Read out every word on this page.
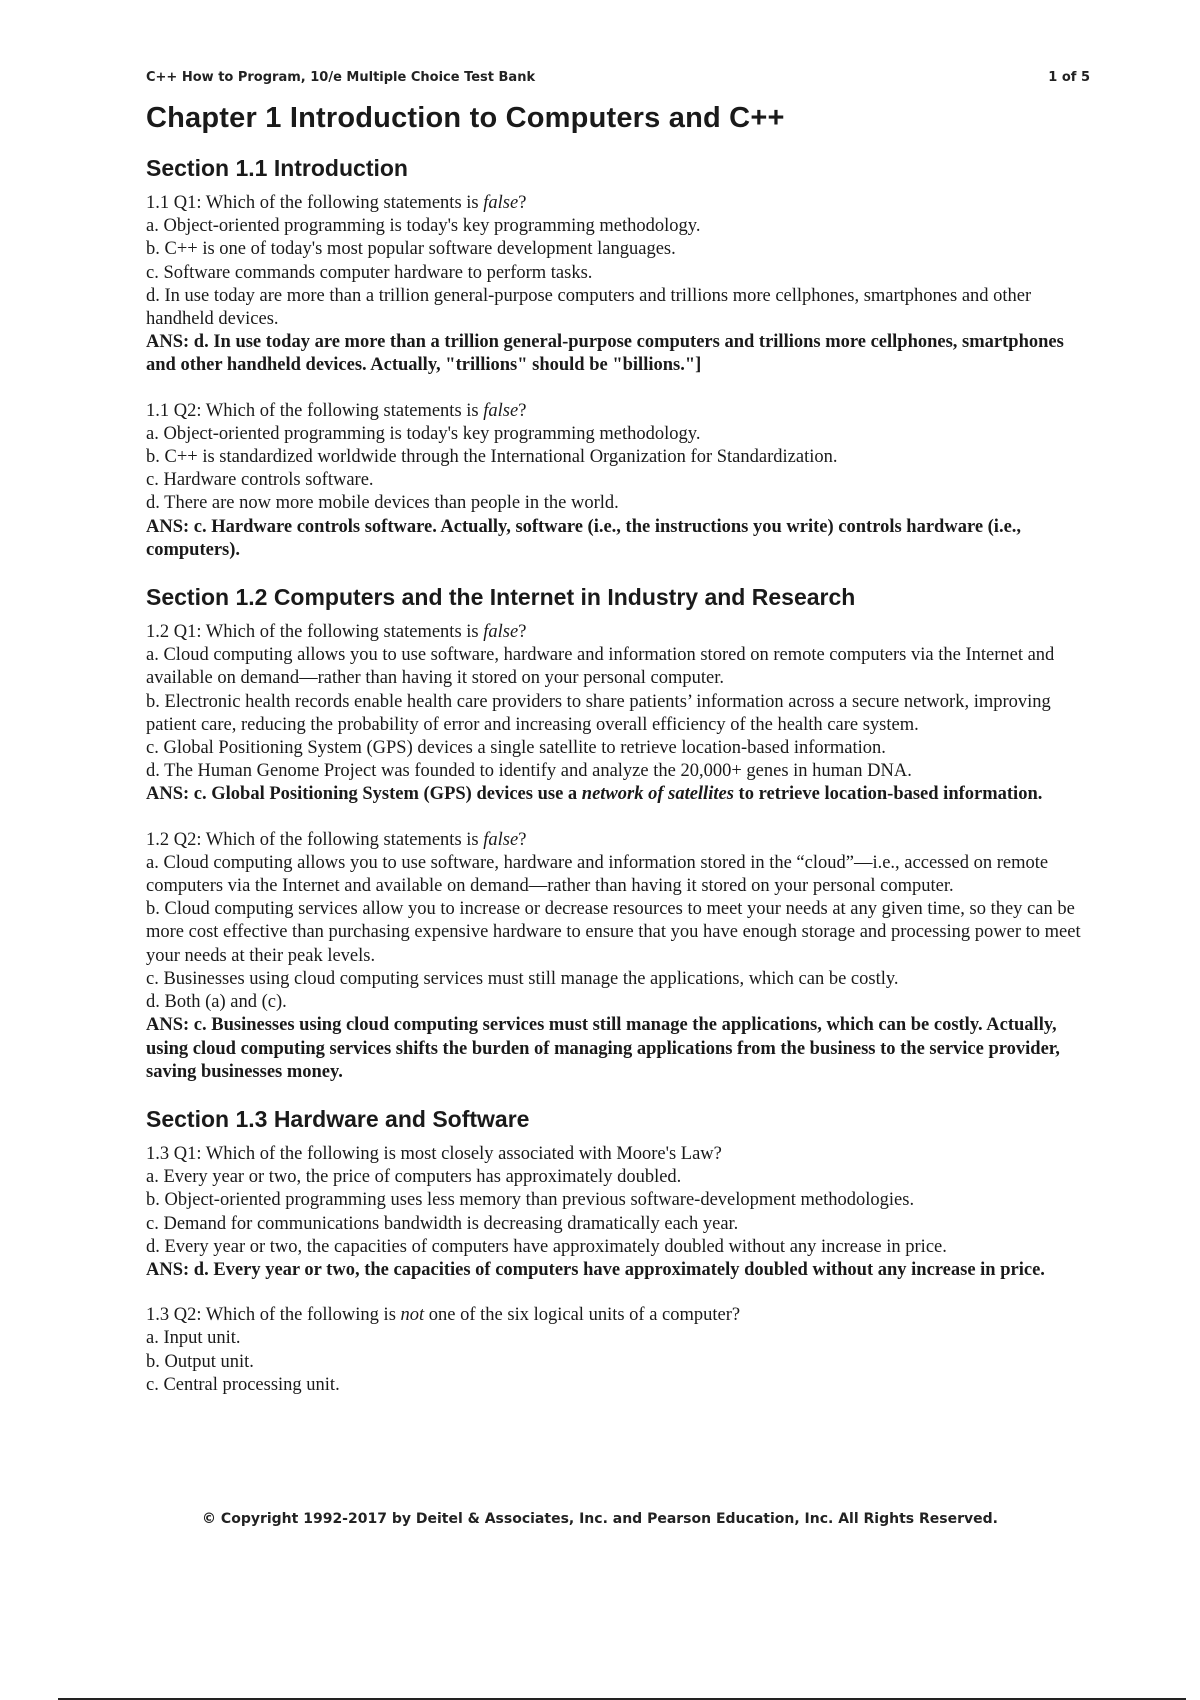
C++ How to Program, 10/e Multiple Choice Test Bank	1 of 5
Chapter 1 Introduction to Computers and C++
Section 1.1 Introduction
1.1 Q1: Which of the following statements is false?
a. Object-oriented programming is today's key programming methodology.
b. C++ is one of today's most popular software development languages.
c. Software commands computer hardware to perform tasks.
d. In use today are more than a trillion general-purpose computers and trillions more cellphones, smartphones and other handheld devices.
ANS: d. In use today are more than a trillion general-purpose computers and trillions more cellphones, smartphones and other handheld devices. Actually, "trillions" should be "billions."]
1.1 Q2: Which of the following statements is false?
a. Object-oriented programming is today's key programming methodology.
b. C++ is standardized worldwide through the International Organization for Standardization.
c. Hardware controls software.
d. There are now more mobile devices than people in the world.
ANS: c. Hardware controls software. Actually, software (i.e., the instructions you write) controls hardware (i.e., computers).
Section 1.2 Computers and the Internet in Industry and Research
1.2 Q1: Which of the following statements is false?
a. Cloud computing allows you to use software, hardware and information stored on remote computers via the Internet and available on demand—rather than having it stored on your personal computer.
b. Electronic health records enable health care providers to share patients’ information across a secure network, improving patient care, reducing the probability of error and increasing overall efficiency of the health care system.
c. Global Positioning System (GPS) devices a single satellite to retrieve location-based information.
d. The Human Genome Project was founded to identify and analyze the 20,000+ genes in human DNA.
ANS: c. Global Positioning System (GPS) devices use a network of satellites to retrieve location-based information.
1.2 Q2: Which of the following statements is false?
a. Cloud computing allows you to use software, hardware and information stored in the “cloud”—i.e., accessed on remote computers via the Internet and available on demand—rather than having it stored on your personal computer.
b. Cloud computing services allow you to increase or decrease resources to meet your needs at any given time, so they can be more cost effective than purchasing expensive hardware to ensure that you have enough storage and processing power to meet your needs at their peak levels.
c. Businesses using cloud computing services must still manage the applications, which can be costly.
d. Both (a) and (c).
ANS: c. Businesses using cloud computing services must still manage the applications, which can be costly. Actually, using cloud computing services shifts the burden of managing applications from the business to the service provider, saving businesses money.
Section 1.3 Hardware and Software
1.3 Q1: Which of the following is most closely associated with Moore's Law?
a. Every year or two, the price of computers has approximately doubled.
b. Object-oriented programming uses less memory than previous software-development methodologies.
c. Demand for communications bandwidth is decreasing dramatically each year.
d. Every year or two, the capacities of computers have approximately doubled without any increase in price.
ANS: d. Every year or two, the capacities of computers have approximately doubled without any increase in price.
1.3 Q2: Which of the following is not one of the six logical units of a computer?
a. Input unit.
b. Output unit.
c. Central processing unit.
© Copyright 1992-2017 by Deitel & Associates, Inc. and Pearson Education, Inc. All Rights Reserved.
